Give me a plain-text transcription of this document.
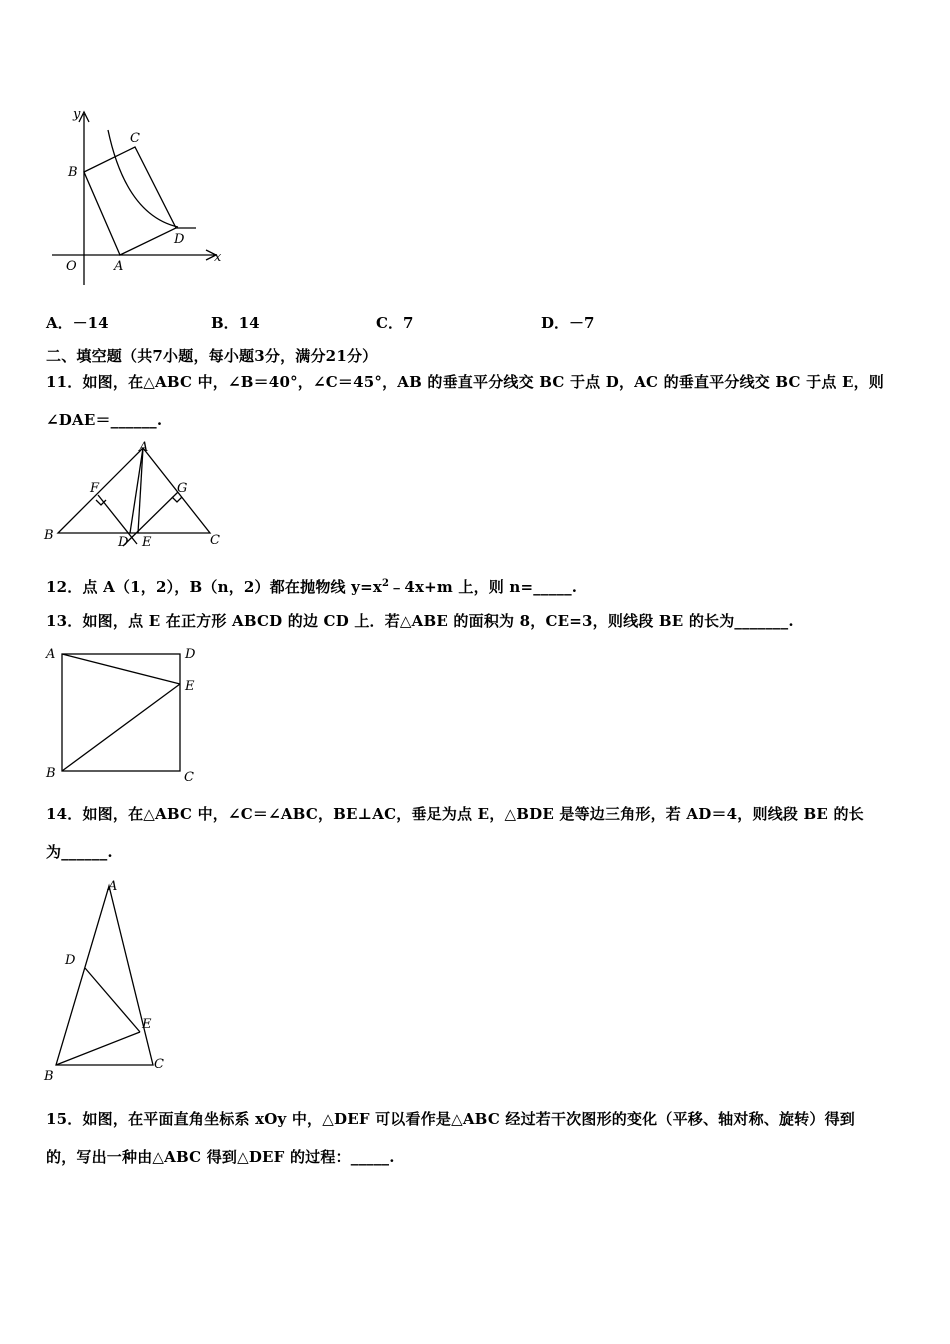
y
x
O	A
B
C
D
A．－14	B．14	C．7	D．－7
二、填空题（共7小题，每小题3分，满分21分）
11．如图，在△ABC 中，∠B＝40°，∠C＝45°，AB 的垂直平分线交 BC 于点 D，AC 的垂直平分线交 BC 于点 E，则
∠DAE＝______.
A
B	C
D E
F	G
12．点 A（1，2），B（n，2）都在抛物线 $y=x^2﹣4x+m$ 上，则 n=_____.
13．如图，点 E 在正方形 ABCD 的边 CD 上．若△ABE 的面积为 8，CE=3，则线段 BE 的长为_______.
A
B	C
D
E
14．如图，在△ABC 中，∠C＝∠ABC，BE⊥AC，垂足为点 E，△BDE 是等边三角形，若 AD＝4，则线段 BE 的长
为______.
A
B
C
D
E
15．如图，在平面直角坐标系 xOy 中，△DEF 可以看作是△ABC 经过若干次图形的变化（平移、轴对称、旋转）得到
的，写出一种由△ABC 得到△DEF 的过程：_____.
